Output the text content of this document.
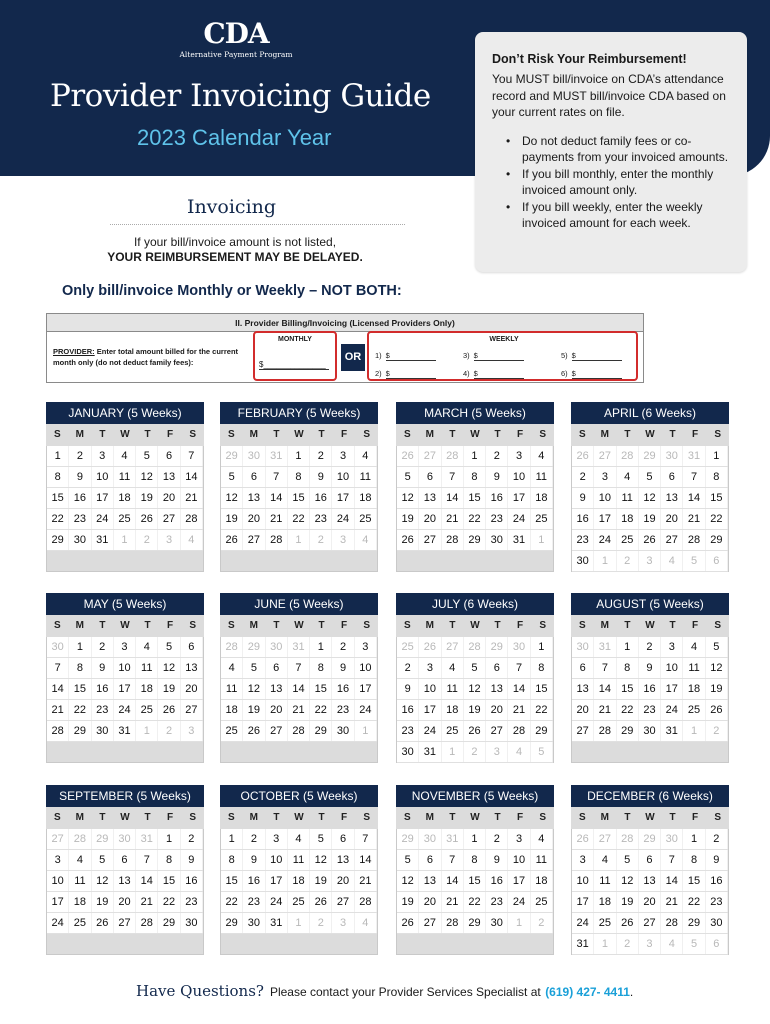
CDA
Alternative Payment Program
Provider Invoicing Guide
2023 Calendar Year
Don’t Risk Your Reimbursement!
You MUST bill/invoice on CDA’s attendance record and MUST bill/invoice CDA based on your current rates on file.
• Do not deduct family fees or co-payments from your invoiced amounts.
• If you bill monthly, enter the monthly invoiced amount only.
• If you bill weekly, enter the weekly invoiced amount for each week.
Invoicing
If your bill/invoice amount is not listed,
YOUR REIMBURSEMENT MAY BE DELAYED.
Only bill/invoice Monthly or Weekly – NOT BOTH:
II. Provider Billing/Invoicing (Licensed Providers Only)
PROVIDER: Enter total amount billed for the current month only (do not deduct family fees):
MONTHLY
$______________
OR
WEEKLY
1) $
2) $
3) $
4) $
5) $
6) $
JANUARY (5 Weeks)
S	M	T	W	T	F	S
1	2	3	4	5	6	7
8	9	10 11 12 13 14
15 16 17 18 19 20 21
22 23 24 25 26 27 28
29 30 31	1	2	3	4
FEBRUARY (5 Weeks)
S	M	T	W	T	F	S
29 30 31	1	2	3	4
5	6	7	8	9	10 11
12 13 14 15 16 17 18
19 20 21 22 23 24 25
26 27 28	1	2	3	4
MARCH (5 Weeks)
S	M	T	W	T	F	S
26 27 28	1	2	3	4
5	6	7	8	9	10 11
12 13 14 15 16 17 18
19 20 21 22 23 24 25
26 27 28 29 30 31	1
APRIL (6 Weeks)
S	M	T	W	T	F	S
26 27 28 29 30 31	1
2	3	4	5	6	7	8
9	10 11 12 13 14 15
16 17 18 19 20 21 22
23 24 25 26 27 28 29
30	1	2	3	4	5	6
MAY (5 Weeks)
S	M	T	W	T	F	S
30	1	2	3	4	5	6
7	8	9	10 11 12 13
14 15 16 17 18 19 20
21 22 23 24 25 26 27
28 29 30 31	1	2	3
JUNE (5 Weeks)
S	M	T	W	T	F	S
28 29 30 31	1	2	3
4	5	6	7	8	9	10
11 12 13 14 15 16 17
18 19 20 21 22 23 24
25 26 27 28 29 30	1
JULY (6 Weeks)
S	M	T	W	T	F	S
25 26 27 28 29 30	1
2	3	4	5	6	7	8
9	10 11 12 13 14 15
16 17 18 19 20 21 22
23 24 25 26 27 28 29
30 31	1	2	3	4	5
AUGUST (5 Weeks)
S	M	T	W	T	F	S
30 31	1	2	3	4	5
6	7	8	9	10 11 12
13 14 15 16 17 18 19
20 21 22 23 24 25 26
27 28 29 30 31	1	2
SEPTEMBER (5 Weeks)
S	M	T	W	T	F	S
27 28 29 30 31	1	2
3	4	5	6	7	8	9
10 11 12 13 14 15 16
17 18 19 20 21 22 23
24 25 26 27 28 29 30
OCTOBER (5 Weeks)
S	M	T	W	T	F	S
1	2	3	4	5	6	7
8	9	10 11 12 13 14
15 16 17 18 19 20 21
22 23 24 25 26 27 28
29 30 31	1	2	3	4
NOVEMBER (5 Weeks)
S	M	T	W	T	F	S
29 30 31	1	2	3	4
5	6	7	8	9	10 11
12 13 14 15 16 17 18
19 20 21 22 23 24 25
26 27 28 29 30	1	2
DECEMBER (6 Weeks)
S	M	T	W	T	F	S
26 27 28 29 30	1	2
3	4	5	6	7	8	9
10 11 12 13 14 15 16
17 18 19 20 21 22 23
24 25 26 27 28 29 30
31	1	2	3	4	5	6
Have Questions? Please contact your Provider Services Specialist at (619) 427- 4411.
